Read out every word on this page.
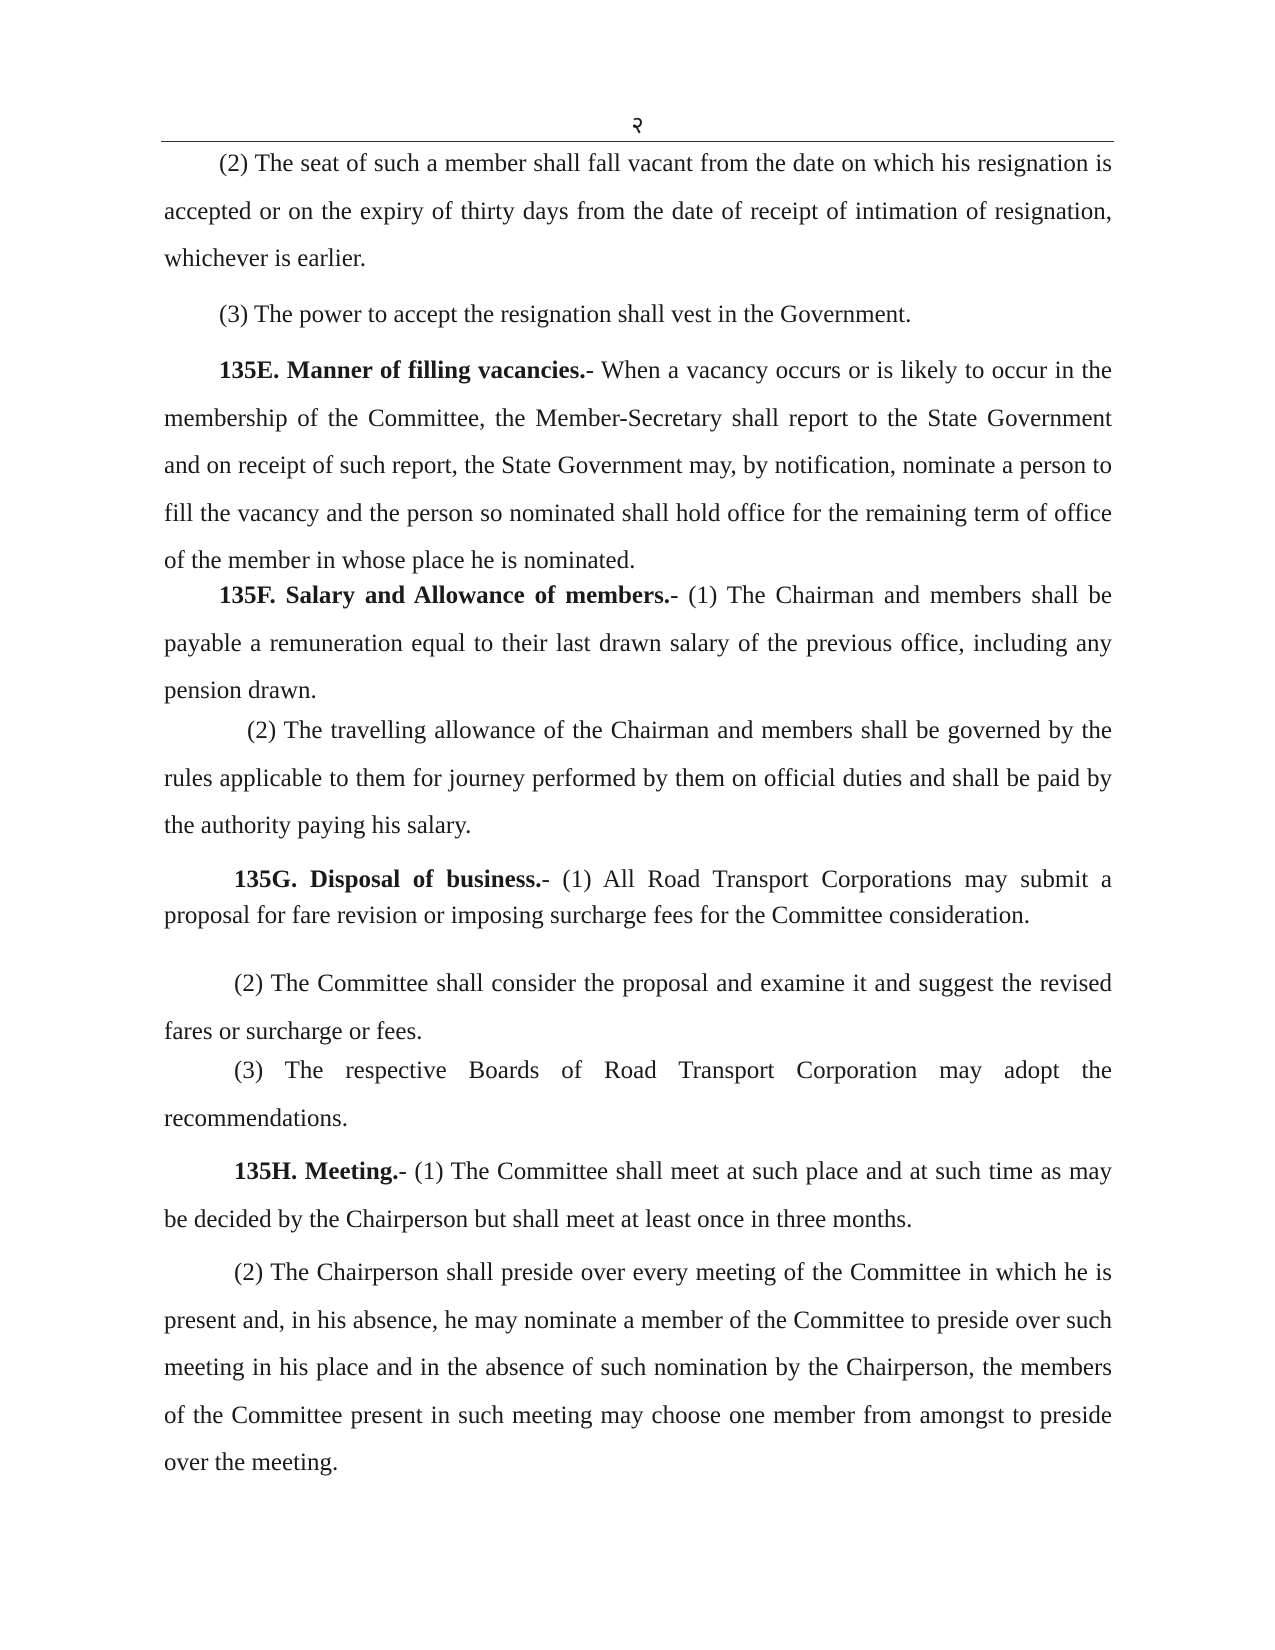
२

(2) The seat of such a member shall fall vacant from the date on which his resignation is accepted or on the expiry of thirty days from the date of receipt of intimation of resignation, whichever is earlier.

(3) The power to accept the resignation shall vest in the Government.

135E. Manner of filling vacancies.- When a vacancy occurs or is likely to occur in the membership of the Committee, the Member-Secretary shall report to the State Government and on receipt of such report, the State Government may, by notification, nominate a person to fill the vacancy and the person so nominated shall hold office for the remaining term of office of the member in whose place he is nominated.

135F. Salary and Allowance of members.- (1) The Chairman and members shall be payable a remuneration equal to their last drawn salary of the previous office, including any pension drawn.

(2) The travelling allowance of the Chairman and members shall be governed by the rules applicable to them for journey performed by them on official duties and shall be paid by the authority paying his salary.

135G. Disposal of business.- (1) All Road Transport Corporations may submit a proposal for fare revision or imposing surcharge fees for the Committee consideration.

(2) The Committee shall consider the proposal and examine it and suggest the revised fares or surcharge or fees.

(3) The respective Boards of Road Transport Corporation may adopt the recommendations.

135H. Meeting.- (1) The Committee shall meet at such place and at such time as may be decided by the Chairperson but shall meet at least once in three months.

(2) The Chairperson shall preside over every meeting of the Committee in which he is present and, in his absence, he may nominate a member of the Committee to preside over such meeting in his place and in the absence of such nomination by the Chairperson, the members of the Committee present in such meeting may choose one member from amongst to preside over the meeting.
